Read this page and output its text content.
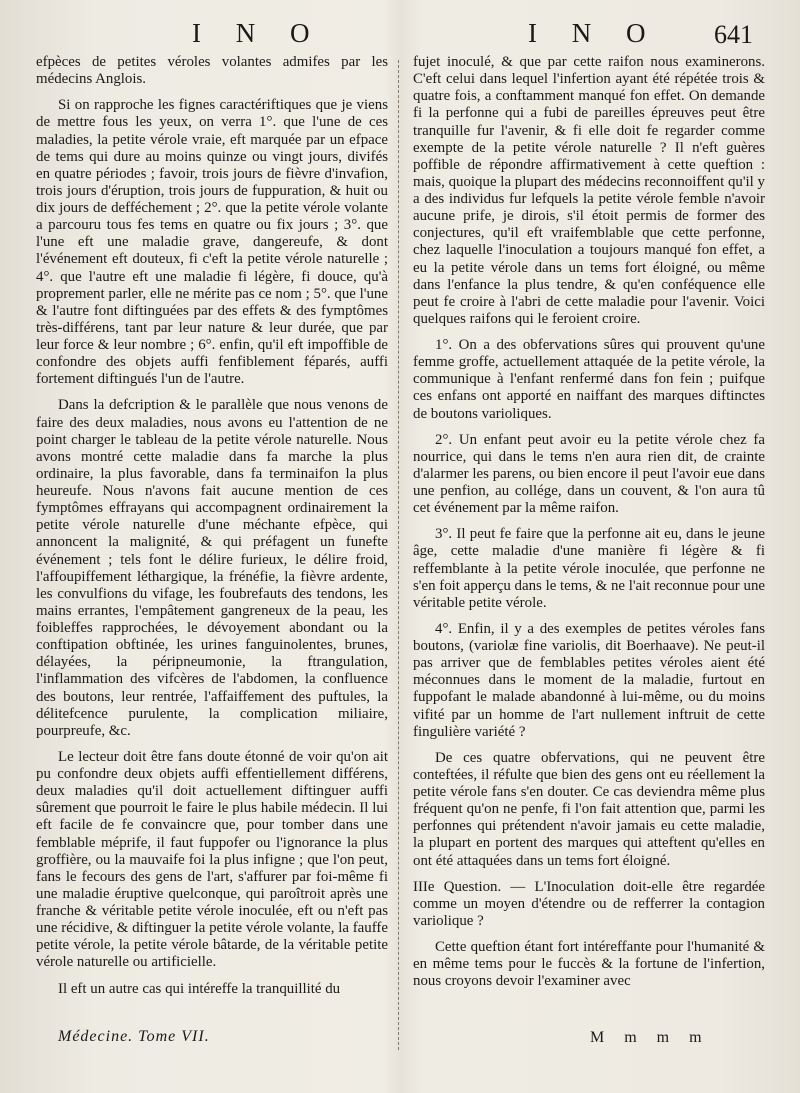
I N O	I N O 641

efpèces de petites véroles volantes admifes par les médecins Anglois.

Si on rapproche les fignes caractériftiques que je viens de mettre fous les yeux, on verra 1°. que l'une de ces maladies, la petite vérole vraie, eft marquée par un efpace de tems qui dure au moins quinze ou vingt jours, divifés en quatre périodes ; favoir, trois jours de fièvre d'invafion, trois jours d'éruption, trois jours de fuppuration, & huit ou dix jours de defféchement ; 2°. que la petite vérole volante a parcouru tous fes tems en quatre ou fix jours ; 3°. que l'une eft une maladie grave, dangereufe, & dont l'événement eft douteux, fi c'eft la petite vérole naturelle ; 4°. que l'autre eft une maladie fi légère, fi douce, qu'à proprement parler, elle ne mérite pas ce nom ; 5°. que l'une & l'autre font diftinguées par des effets & des fymptômes très-différens, tant par leur nature & leur durée, que par leur force & leur nombre ; 6°. enfin, qu'il eft impoffible de confondre des objets auffi fenfiblement féparés, auffi fortement diftingués l'un de l'autre.

Dans la defcription & le parallèle que nous venons de faire des deux maladies, nous avons eu l'attention de ne point charger le tableau de la petite vérole naturelle. Nous avons montré cette maladie dans fa marche la plus ordinaire, la plus favorable, dans fa terminaifon la plus heureufe. Nous n'avons fait aucune mention de ces fymptômes effrayans qui accompagnent ordinairement la petite vérole naturelle d'une méchante efpèce, qui annoncent la malignité, & qui préfagent un funefte événement ; tels font le délire furieux, le délire froid, l'affoupiffement léthargique, la frénéfie, la fièvre ardente, les convulfions du vifage, les foubrefauts des tendons, les mains errantes, l'empâtement gangreneux de la peau, les foibleffes rapprochées, le dévoyement abondant ou la conftipation obftinée, les urines fanguinolentes, brunes, délayées, la péripneumonie, la ftrangulation, l'inflammation des vifcères de l'abdomen, la confluence des boutons, leur rentrée, l'affaiffement des puftules, la délitefcence purulente, la complication miliaire, pourpreufe, &c.

Le lecteur doit être fans doute étonné de voir qu'on ait pu confondre deux objets auffi effentiellement différens, deux maladies qu'il doit actuellement diftinguer auffi sûrement que pourroit le faire le plus habile médecin. Il lui eft facile de fe convaincre que, pour tomber dans une femblable méprife, il faut fuppofer ou l'ignorance la plus groffière, ou la mauvaife foi la plus infigne ; que l'on peut, fans le fecours des gens de l'art, s'affurer par foi-même fi une maladie éruptive quelconque, qui paroîtroit après une franche & véritable petite vérole inoculée, eft ou n'eft pas une récidive, & diftinguer la petite vérole volante, la fauffe petite vérole, la petite vérole bâtarde, de la véritable petite vérole naturelle ou artificielle.

Il eft un autre cas qui intéreffe la tranquillité du

fujet inoculé, & que par cette raifon nous examinerons. C'eft celui dans lequel l'infertion ayant été répétée trois & quatre fois, a conftamment manqué fon effet. On demande fi la perfonne qui a fubi de pareilles épreuves peut être tranquille fur l'avenir, & fi elle doit fe regarder comme exempte de la petite vérole naturelle ? Il n'eft guères poffible de répondre affirmativement à cette queftion : mais, quoique la plupart des médecins reconnoiffent qu'il y a des individus fur lefquels la petite vérole femble n'avoir aucune prife, je dirois, s'il étoit permis de former des conjectures, qu'il eft vraifemblable que cette perfonne, chez laquelle l'inoculation a toujours manqué fon effet, a eu la petite vérole dans un tems fort éloigné, ou même dans l'enfance la plus tendre, & qu'en conféquence elle peut fe croire à l'abri de cette maladie pour l'avenir. Voici quelques raifons qui le feroient croire.

1°. On a des obfervations sûres qui prouvent qu'une femme groffe, actuellement attaquée de la petite vérole, la communique à l'enfant renfermé dans fon fein ; puifque ces enfans ont apporté en naiffant des marques diftinctes de boutons varioliques.

2°. Un enfant peut avoir eu la petite vérole chez fa nourrice, qui dans le tems n'en aura rien dit, de crainte d'alarmer les parens, ou bien encore il peut l'avoir eue dans une penfion, au collége, dans un couvent, & l'on aura tû cet événement par la même raifon.

3°. Il peut fe faire que la perfonne ait eu, dans le jeune âge, cette maladie d'une manière fi légère & fi reffemblante à la petite vérole inoculée, que perfonne ne s'en foit apperçu dans le tems, & ne l'ait reconnue pour une véritable petite vérole.

4°. Enfin, il y a des exemples de petites véroles fans boutons, (variolæ fine variolis, dit Boerhaave). Ne peut-il pas arriver que de femblables petites véroles aient été méconnues dans le moment de la maladie, furtout en fuppofant le malade abandonné à lui-même, ou du moins vifité par un homme de l'art nullement inftruit de cette fingulière variété ?

De ces quatre obfervations, qui ne peuvent être conteftées, il réfulte que bien des gens ont eu réellement la petite vérole fans s'en douter. Ce cas deviendra même plus fréquent qu'on ne penfe, fi l'on fait attention que, parmi les perfonnes qui prétendent n'avoir jamais eu cette maladie, la plupart en portent des marques qui atteftent qu'elles en ont été attaquées dans un tems fort éloigné.

IIIe Question. — L'Inoculation doit-elle être regardée comme un moyen d'étendre ou de refferrer la contagion variolique ?

Cette queftion étant fort intéreffante pour l'humanité & en même tems pour le fuccès & la fortune de l'infertion, nous croyons devoir l'examiner avec

Médecine. Tome VII.	M m m m
